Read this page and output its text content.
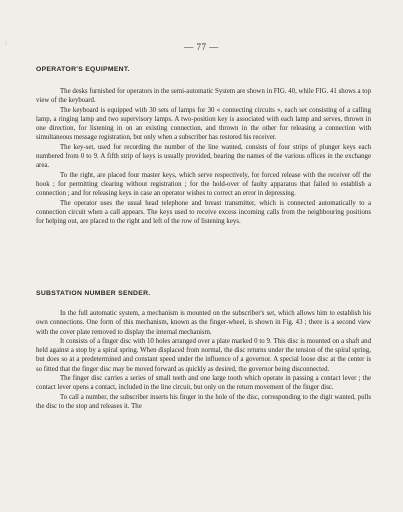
⁝
·
— 77 —
OPERATOR'S EQUIPMENT.

The desks furnished for operators in the semi-automatic System are shown in FIG. 40, while FIG. 41 shows a top view of the keyboard.

The keyboard is equipped with 30 sets of lamps for 30 « connecting circuits », each set consisting of a calling lamp, a ringing lamp and two supervisory lamps. A two-position key is associated with each lamp and serves, thrown in one direction, for listening in on an existing connection, and thrown in the other for releasing a connection with simultaneous message registration, but only when a subscriber has restored his receiver.

The key-set, used for recording the number of the line wanted, consists of four strips of plunger keys each numbered from 0 to 9. A fifth strip of keys is usually provided, bearing the names of the various offices in the exchange area.

To the right, are placed four master keys, which serve respectively, for forced release with the receiver off the hook ; for permitting clearing without registration ; for the hold-over of faulty apparatus that failed to establish a connection ; and for releasing keys in case an operator wishes to correct an error in depressing.

The operator uses the usual head telephone and breast transmitter, which is connected automatically to a connection circuit when a call appears. The keys used to receive excess incoming calls from the neighbouring positions for helping out, are placed to the right and left of the row of listening keys.

SUBSTATION NUMBER SENDER.

In the full automatic system, a mechanism is mounted on the subscriber's set, which allows him to establish his own connections. One form of this mechanism, known as the finger-wheel, is shown in Fig. 43 ; there is a second view with the cover plate removed to display the internal mechanism.

It consists of a finger disc with 10 holes arranged over a plate marked 0 to 9. This disc is mounted on a shaft and held against a stop by a spiral spring. When displaced from normal, the disc returns under the tension of the spiral spring, but does so at a predetermined and constant speed under the influence of a governor. A special loose disc at the center is so fitted that the finger disc may be moved forward as quickly as desired, the governor being disconnected.

The finger disc carries a series of small teeth and one large tooth which operate in passing a contact lever ; the contact lever opens a contact, included in the line circuit, but only on the return movement of the finger disc.

To call a number, the subscriber inserts his finger in the hole of the disc, corresponding to the digit wanted, pulls the disc to the stop and releases it. The
